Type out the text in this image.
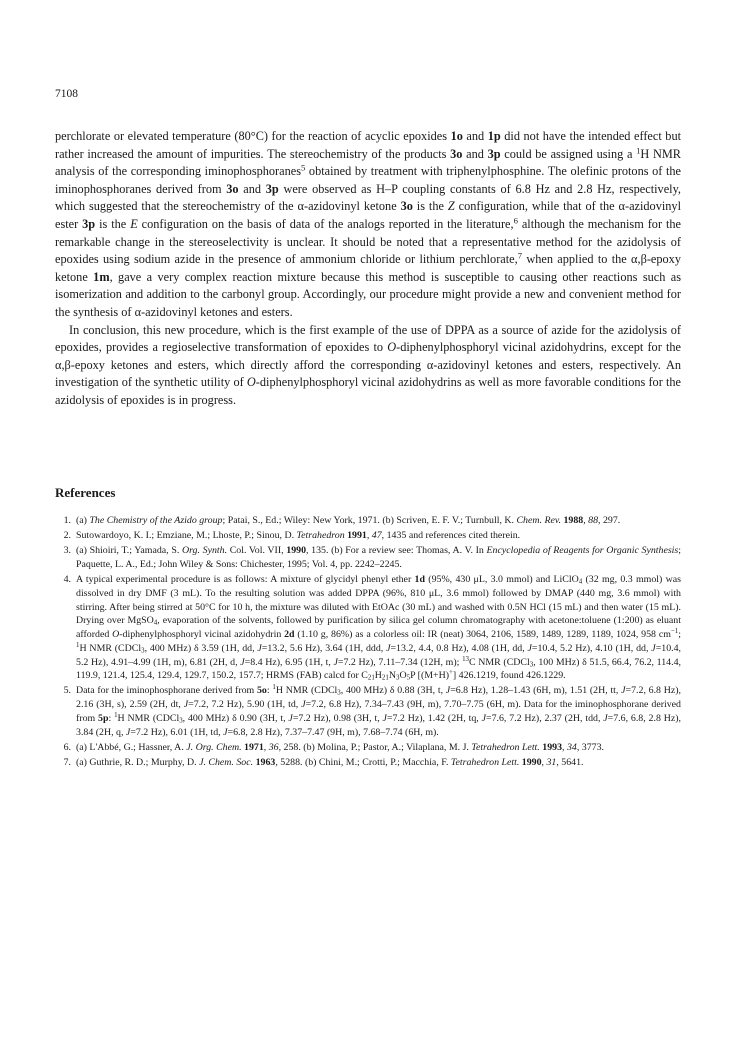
7108

perchlorate or elevated temperature (80°C) for the reaction of acyclic epoxides 1o and 1p did not have the intended effect but rather increased the amount of impurities. The stereochemistry of the products 3o and 3p could be assigned using a $^1$H NMR analysis of the corresponding iminophosphoranes$^5$ obtained by treatment with triphenylphosphine. The olefinic protons of the iminophosphoranes derived from 3o and 3p were observed as H–P coupling constants of 6.8 Hz and 2.8 Hz, respectively, which suggested that the stereochemistry of the α-azidovinyl ketone 3o is the Z configuration, while that of the α-azidovinyl ester 3p is the E configuration on the basis of data of the analogs reported in the literature,$^6$ although the mechanism for the remarkable change in the stereoselectivity is unclear. It should be noted that a representative method for the azidolysis of epoxides using sodium azide in the presence of ammonium chloride or lithium perchlorate,$^7$ when applied to the α,β-epoxy ketone 1m, gave a very complex reaction mixture because this method is susceptible to causing other reactions such as isomerization and addition to the carbonyl group. Accordingly, our procedure might provide a new and convenient method for the synthesis of α-azidovinyl ketones and esters.

In conclusion, this new procedure, which is the first example of the use of DPPA as a source of azide for the azidolysis of epoxides, provides a regioselective transformation of epoxides to O-diphenylphosphoryl vicinal azidohydrins, except for the α,β-epoxy ketones and esters, which directly afford the corresponding α-azidovinyl ketones and esters, respectively. An investigation of the synthetic utility of O-diphenylphosphoryl vicinal azidohydrins as well as more favorable conditions for the azidolysis of epoxides is in progress.

References
1. (a) The Chemistry of the Azido group; Patai, S., Ed.; Wiley: New York, 1971. (b) Scriven, E. F. V.; Turnbull, K. Chem. Rev. 1988, 88, 297.
2. Sutowardoyo, K. I.; Emziane, M.; Lhoste, P.; Sinou, D. Tetrahedron 1991, 47, 1435 and references cited therein.
3. (a) Shioiri, T.; Yamada, S. Org. Synth. Col. Vol. VII, 1990, 135. (b) For a review see: Thomas, A. V. In Encyclopedia of Reagents for Organic Synthesis; Paquette, L. A., Ed.; John Wiley & Sons: Chichester, 1995; Vol. 4, pp. 2242–2245.
4. A typical experimental procedure is as follows: A mixture of glycidyl phenyl ether 1d (95%, 430 μL, 3.0 mmol) and LiClO$_4$ (32 mg, 0.3 mmol) was dissolved in dry DMF (3 mL). To the resulting solution was added DPPA (96%, 810 μL, 3.6 mmol) followed by DMAP (440 mg, 3.6 mmol) with stirring. After being stirred at 50°C for 10 h, the mixture was diluted with EtOAc (30 mL) and washed with 0.5N HCl (15 mL) and then water (15 mL). Drying over MgSO$_4$, evaporation of the solvents, followed by purification by silica gel column chromatography with acetone:toluene (1:200) as eluant afforded O-diphenylphosphoryl vicinal azidohydrin 2d (1.10 g, 86%) as a colorless oil: IR (neat) 3064, 2106, 1589, 1489, 1289, 1189, 1024, 958 $cm^{-1}$; $^1$H NMR (CDCl$_3$, 400 MHz) δ 3.59 (1H, dd, J=13.2, 5.6 Hz), 3.64 (1H, ddd, J=13.2, 4.4, 0.8 Hz), 4.08 (1H, dd, J=10.4, 5.2 Hz), 4.10 (1H, dd, J=10.4, 5.2 Hz), 4.91–4.99 (1H, m), 6.81 (2H, d, J=8.4 Hz), 6.95 (1H, t, J=7.2 Hz), 7.11–7.34 (12H, m); $^{13}$C NMR (CDCl$_3$, 100 MHz) δ 51.5, 66.4, 76.2, 114.4, 119.9, 121.4, 125.4, 129.4, 129.7, 150.2, 157.7; HRMS (FAB) calcd for $C_{21}H_{21}N_3O_5P$ [(M+H)+] 426.1219, found 426.1229.
5. Data for the iminophosphorane derived from 5o: $^1$H NMR (CDCl$_3$, 400 MHz) δ 0.88 (3H, t, J=6.8 Hz), 1.28–1.43 (6H, m), 1.51 (2H, tt, J=7.2, 6.8 Hz), 2.16 (3H, s), 2.59 (2H, dt, J=7.2, 7.2 Hz), 5.90 (1H, td, J=7.2, 6.8 Hz), 7.34–7.43 (9H, m), 7.70–7.75 (6H, m). Data for the iminophosphorane derived from 5p: $^1$H NMR (CDCl$_3$, 400 MHz) δ 0.90 (3H, t, J=7.2 Hz), 0.98 (3H, t, J=7.2 Hz), 1.42 (2H, tq, J=7.6, 7.2 Hz), 2.37 (2H, tdd, J=7.6, 6.8, 2.8 Hz), 3.84 (2H, q, J=7.2 Hz), 6.01 (1H, td, J=6.8, 2.8 Hz), 7.37–7.47 (9H, m), 7.68–7.74 (6H, m).
6. (a) L'Abbé, G.; Hassner, A. J. Org. Chem. 1971, 36, 258. (b) Molina, P.; Pastor, A.; Vilaplana, M. J. Tetrahedron Lett. 1993, 34, 3773.
7. (a) Guthrie, R. D.; Murphy, D. J. Chem. Soc. 1963, 5288. (b) Chini, M.; Crotti, P.; Macchia, F. Tetrahedron Lett. 1990, 31, 5641.
